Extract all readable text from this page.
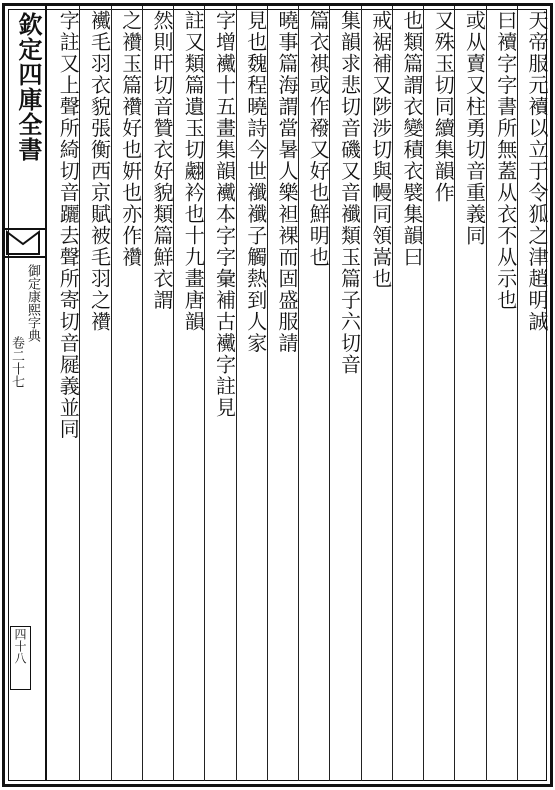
欽定四庫全書
御定康熙字典
卷二十七
四十八
天帝服元襩以立于令狐之津趙明誠
曰襩字字書所無蓋从衣不从示也
或从賣又柱勇切音重義同
又殊玉切同續集韻作
也類篇謂衣變積衣襞集韻曰
戒裾補又陟涉切與幔同領嵩也
集韻求悲切音磯又音襳類玉篇子六切音
篇衣褀或作襏又好也鮮明也
曉事篇海謂當暑人樂袒裸而固盛服請
見也魏程曉詩今世襳襳子觸熱到人家
字增襶十五畫集韻襶本字字彙補古襶字註見
註又類篇遺玉切翽衿也十九畫唐韻
然則旰切音贊衣好貌類篇鮮衣謂
之襸玉篇襸好也姸也亦作襸
襶毛羽衣貌張衡西京賦被毛羽之襸
字註又上聲所綺切音躧去聲所寄切音屣義並同
